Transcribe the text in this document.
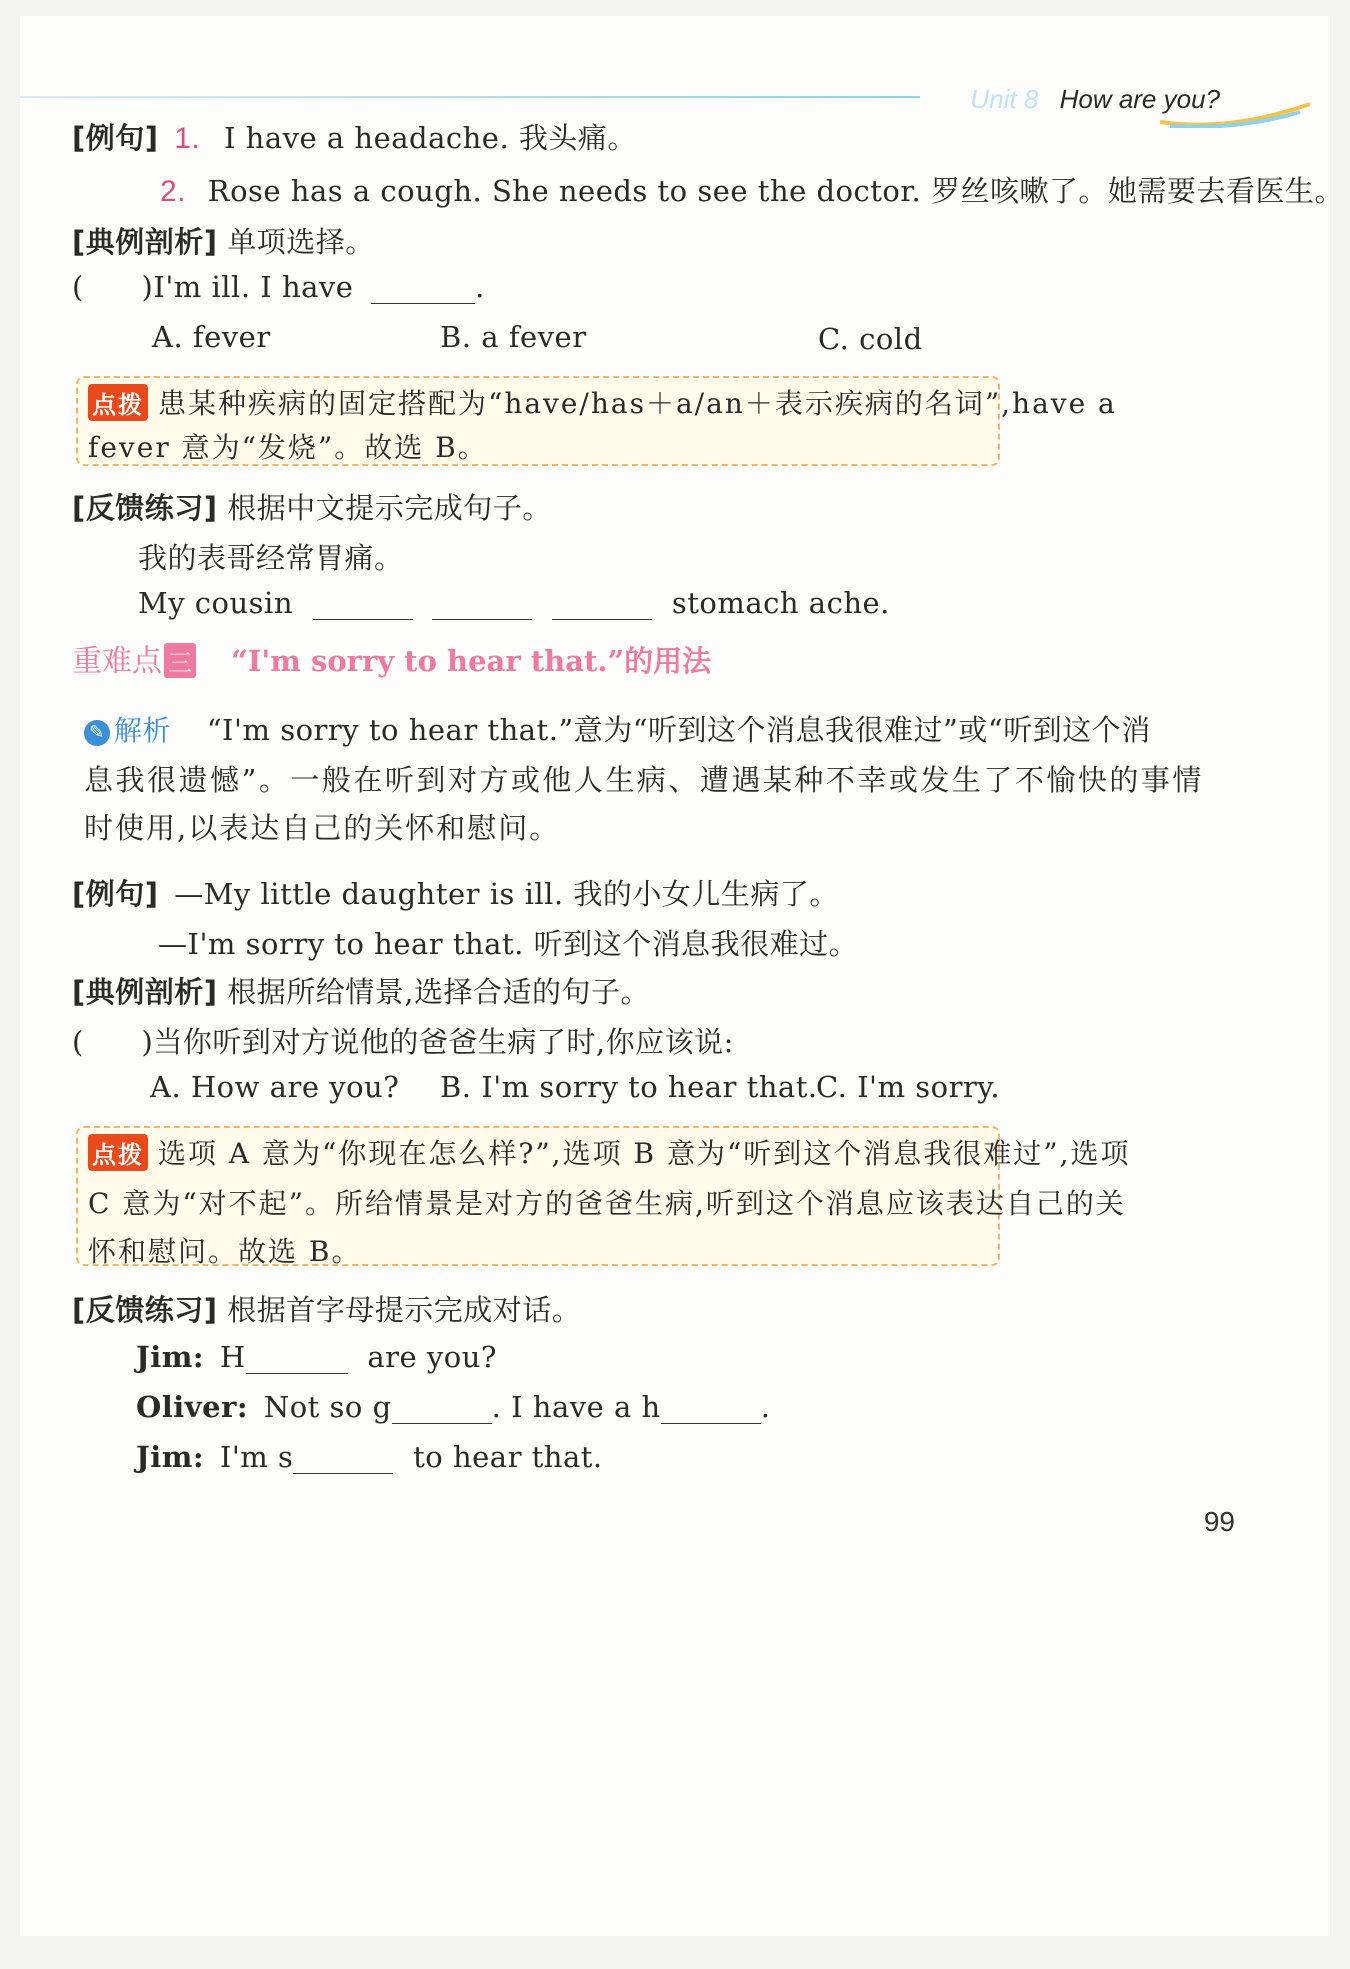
Unit 8 How are you?
[例句] 1. I have a headache. 我头痛。
2. Rose has a cough. She needs to see the doctor. 罗丝咳嗽了。她需要去看医生。
[典例剖析] 单项选择。
( )I'm ill. I have	.
A. fever	B. a fever	C. cold
点拨 患某种疾病的固定搭配为“have/has＋a/an＋表示疾病的名词”,have a
fever 意为“发烧”。故选 B。
[反馈练习] 根据中文提示完成句子。
我的表哥经常胃痛。
My cousin	stomach ache.
重难点 三 “I'm sorry to hear that.”的用法
✎ 解析 “I'm sorry to hear that.”意为“听到这个消息我很难过”或“听到这个消
息我很遗憾”。一般在听到对方或他人生病、遭遇某种不幸或发生了不愉快的事情
时使用,以表达自己的关怀和慰问。
[例句] —My little daughter is ill. 我的小女儿生病了。
—I'm sorry to hear that. 听到这个消息我很难过。
[典例剖析] 根据所给情景,选择合适的句子。
( )当你听到对方说他的爸爸生病了时,你应该说:
A. How are you? B. I'm sorry to hear that.
C. I'm sorry.
点拨 选项 A 意为“你现在怎么样?”,选项 B 意为“听到这个消息我很难过”,选项
C 意为“对不起”。所给情景是对方的爸爸生病,听到这个消息应该表达自己的关
怀和慰问。故选 B。
[反馈练习] 根据首字母提示完成对话。
Jim: H	are you?
Oliver: Not so g	. I have a h	.
Jim: I'm s	to hear that.
99
